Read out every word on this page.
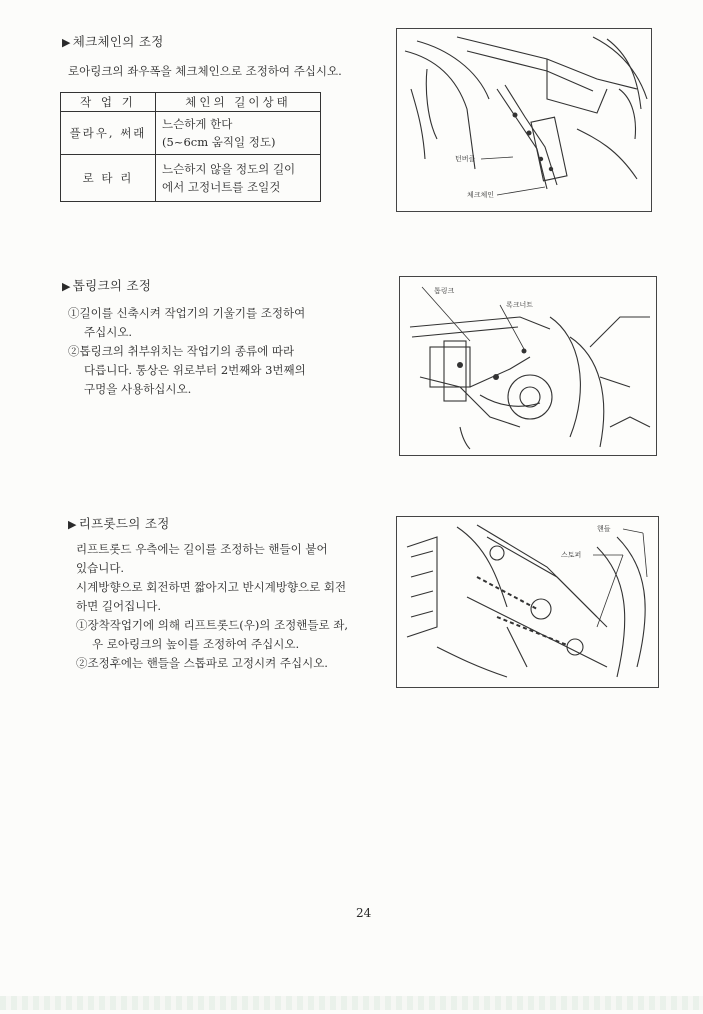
▶ 체크체인의 조정
로아링크의 좌우폭을 체크체인으로 조정하여 주십시오.
작 업 기	체인의 길이상태
플라우, 써래	느슨하게 한다
(5~6cm 움직일 정도)

로 타 리	느슨하지 않을 정도의 길이
에서 고정너트를 조일것
턴버클
체크체인
▶ 톱링크의 조정
①길이를 신축시켜 작업기의 기울기를 조정하여
주십시오.
②톱링크의 취부위치는 작업기의 종류에 따라
다릅니다. 통상은 위로부터 2번째와 3번째의
구멍을 사용하십시오.
톱링크
록크너트
▶ 리프롯드의 조정
리프트롯드 우측에는 길이를 조정하는 핸들이 붙어
있습니다.
시계방향으로 회전하면 짧아지고 반시계방향으로 회전
하면 길어집니다.
①장착작업기에 의해 리프트롯드(우)의 조정핸들로 좌,
우 로아링크의 높이를 조정하여 주십시오.
②조정후에는 핸들을 스톱파로 고정시켜 주십시오.
핸들
스토퍼
24
